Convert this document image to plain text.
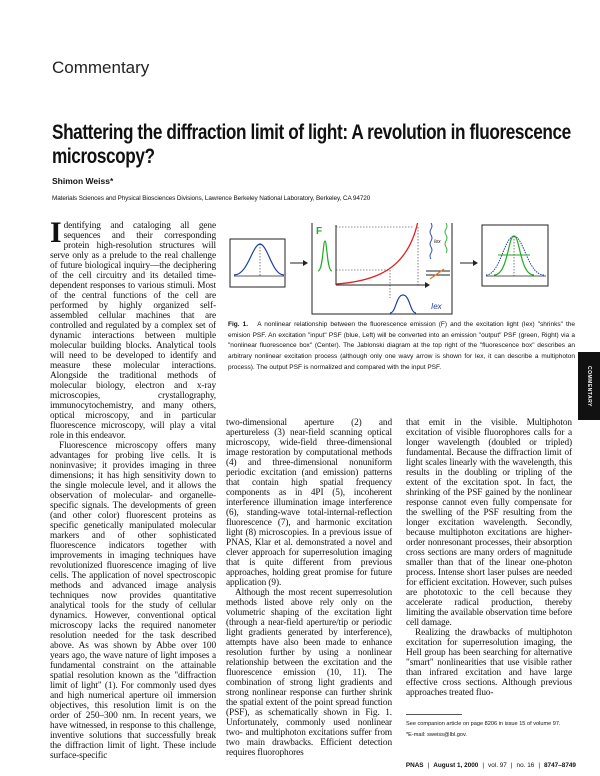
Commentary
Shattering the diffraction limit of light: A revolution in fluorescence microscopy?
Shimon Weiss*
Materials Sciences and Physical Biosciences Divisions, Lawrence Berkeley National Laboratory, Berkeley, CA 94720

Identifying and cataloging all gene sequences and their corresponding protein high-resolution structures will serve only as a prelude to the real challenge of future biological inquiry—the deciphering of the cell circuitry and its detailed time-dependent responses to various stimuli. Most of the central functions of the cell are performed by highly organized self-assembled cellular machines that are controlled and regulated by a complex set of dynamic interactions between multiple molecular building blocks. Analytical tools will need to be developed to identify and measure these molecular interactions. Alongside the traditional methods of molecular biology, electron and x-ray microscopies, crystallography, immunocytochemistry, and many others, optical microscopy, and in particular fluorescence microscopy, will play a vital role in this endeavor.

Fluorescence microscopy offers many advantages for probing live cells. It is noninvasive; it provides imaging in three dimensions; it has high sensitivity down to the single molecule level, and it allows the observation of molecular- and organelle-specific signals. The developments of green (and other color) fluorescent proteins as specific genetically manipulated molecular markers and of other sophisticated fluorescence indicators together with improvements in imaging techniques have revolutionized fluorescence imaging of live cells. The application of novel spectroscopic methods and advanced image analysis techniques now provides quantitative analytical tools for the study of cellular dynamics. However, conventional optical microscopy lacks the required nanometer resolution needed for the task described above. As was shown by Abbe over 100 years ago, the wave nature of light imposes a fundamental constraint on the attainable spatial resolution known as the "diffraction limit of light" (1). For commonly used dyes and high numerical aperture oil immersion objectives, this resolution limit is on the order of 250–300 nm. In recent years, we have witnessed, in response to this challenge, inventive solutions that successfully break the diffraction limit of light. These include surface-specific

F
Iex
Iex
Fig. 1. A nonlinear relationship between the fluorescence emission (F) and the excitation light (Iex) "shrinks" the emision PSF. An excitation "input" PSF (blue, Left) will be converted into an emission "output" PSF (green, Right) via a "nonlinear fluorescence box" (Center). The Jablonski diagram at the top right of the "fluorescence box" describes an arbitrary nonlinear excitation process (although only one wavy arrow is shown for Iex, it can describe a multiphoton process). The output PSF is normalized and compared with the input PSF.	COMMENTARY

two-dimensional aperture (2) and apertureless (3) near-field scanning optical microscopy, wide-field three-dimensional image restoration by computational methods (4) and three-dimensional nonuniform periodic excitation (and emission) patterns that contain high spatial frequency components as in 4PI (5), incoherent interference illumination image interference (6), standing-wave total-internal-reflection fluorescence (7), and harmonic excitation light (8) microscopies. In a previous issue of PNAS, Klar et al. demonstrated a novel and clever approach for superresolution imaging that is quite different from previous approaches, holding great promise for future application (9).

Although the most recent superresolution methods listed above rely only on the volumetric shaping of the excitation light (through a near-field aperture/tip or periodic light gradients generated by interference), attempts have also been made to enhance resolution further by using a nonlinear relationship between the excitation and the fluorescence emission (10, 11). The combination of strong light gradients and strong nonlinear response can further shrink the spatial extent of the point spread function (PSF), as schematically shown in Fig. 1. Unfortunately, commonly used nonlinear two- and multiphoton excitations suffer from two main drawbacks. Efficient detection requires fluorophores

that emit in the visible. Multiphoton excitation of visible fluorophores calls for a longer wavelength (doubled or tripled) fundamental. Because the diffraction limit of light scales linearly with the wavelength, this results in the doubling or tripling of the extent of the excitation spot. In fact, the shrinking of the PSF gained by the nonlinear response cannot even fully compensate for the swelling of the PSF resulting from the longer excitation wavelength. Secondly, because multiphoton excitations are higher-order nonresonant processes, their absorption cross sections are many orders of magnitude smaller than that of the linear one-photon process. Intense short laser pulses are needed for efficient excitation. However, such pulses are phototoxic to the cell because they accelerate radical production, thereby limiting the available observation time before cell damage.

Realizing the drawbacks of multiphoton excitation for superresolution imaging, the Hell group has been searching for alternative "smart" nonlinearities that use visible rather than infrared excitation and have large effective cross sections. Although previous approaches treated fluo-

See companion article on page 8206 in issue 15 of volume 97.
*E-mail: sweiss@lbl.gov.
PNAS | August 1, 2000 | vol. 97 | no. 16 | 8747–8749
